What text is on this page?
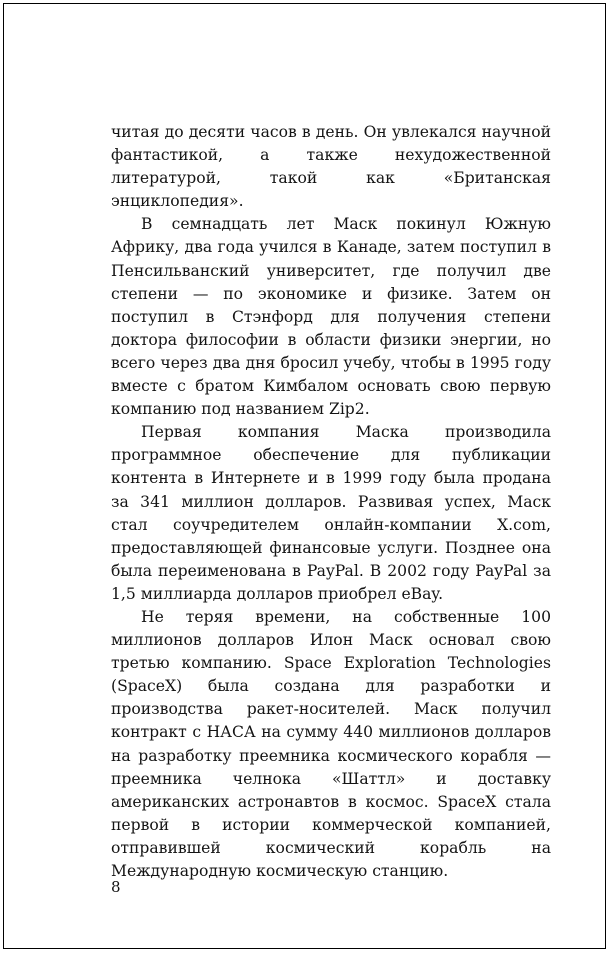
читая до десяти часов в день. Он увлекался научной фантастикой, а также нехудожественной литературой, такой как «Британская энциклопедия».

В семнадцать лет Маск покинул Южную Африку, два года учился в Канаде, затем поступил в Пенсильванский университет, где получил две степени — по экономике и физике. Затем он поступил в Стэнфорд для получения степени доктора философии в области физики энергии, но всего через два дня бросил учебу, чтобы в 1995 году вместе с братом Кимбалом основать свою первую компанию под названием Zip2.

Первая компания Маска производила программное обеспечение для публикации контента в Интернете и в 1999 году была продана за 341 миллион долларов. Развивая успех, Маск стал соучредителем онлайн-компании X.com, предоставляющей финансовые услуги. Позднее она была переименована в PayPal. В 2002 году PayPal за 1,5 миллиарда долларов приобрел eBay.

Не теряя времени, на собственные 100 миллионов долларов Илон Маск основал свою третью компанию. Space Exploration Technologies (SpaceX) была создана для разработки и производства ракет-носителей. Маск получил контракт с НАСА на сумму 440 миллионов долларов на разработку преемника космического корабля — преемника челнока «Шаттл» и доставку американских астронавтов в космос. SpaceX стала первой в истории коммерческой компанией, отправившей космический корабль на Международную космическую станцию.

8
